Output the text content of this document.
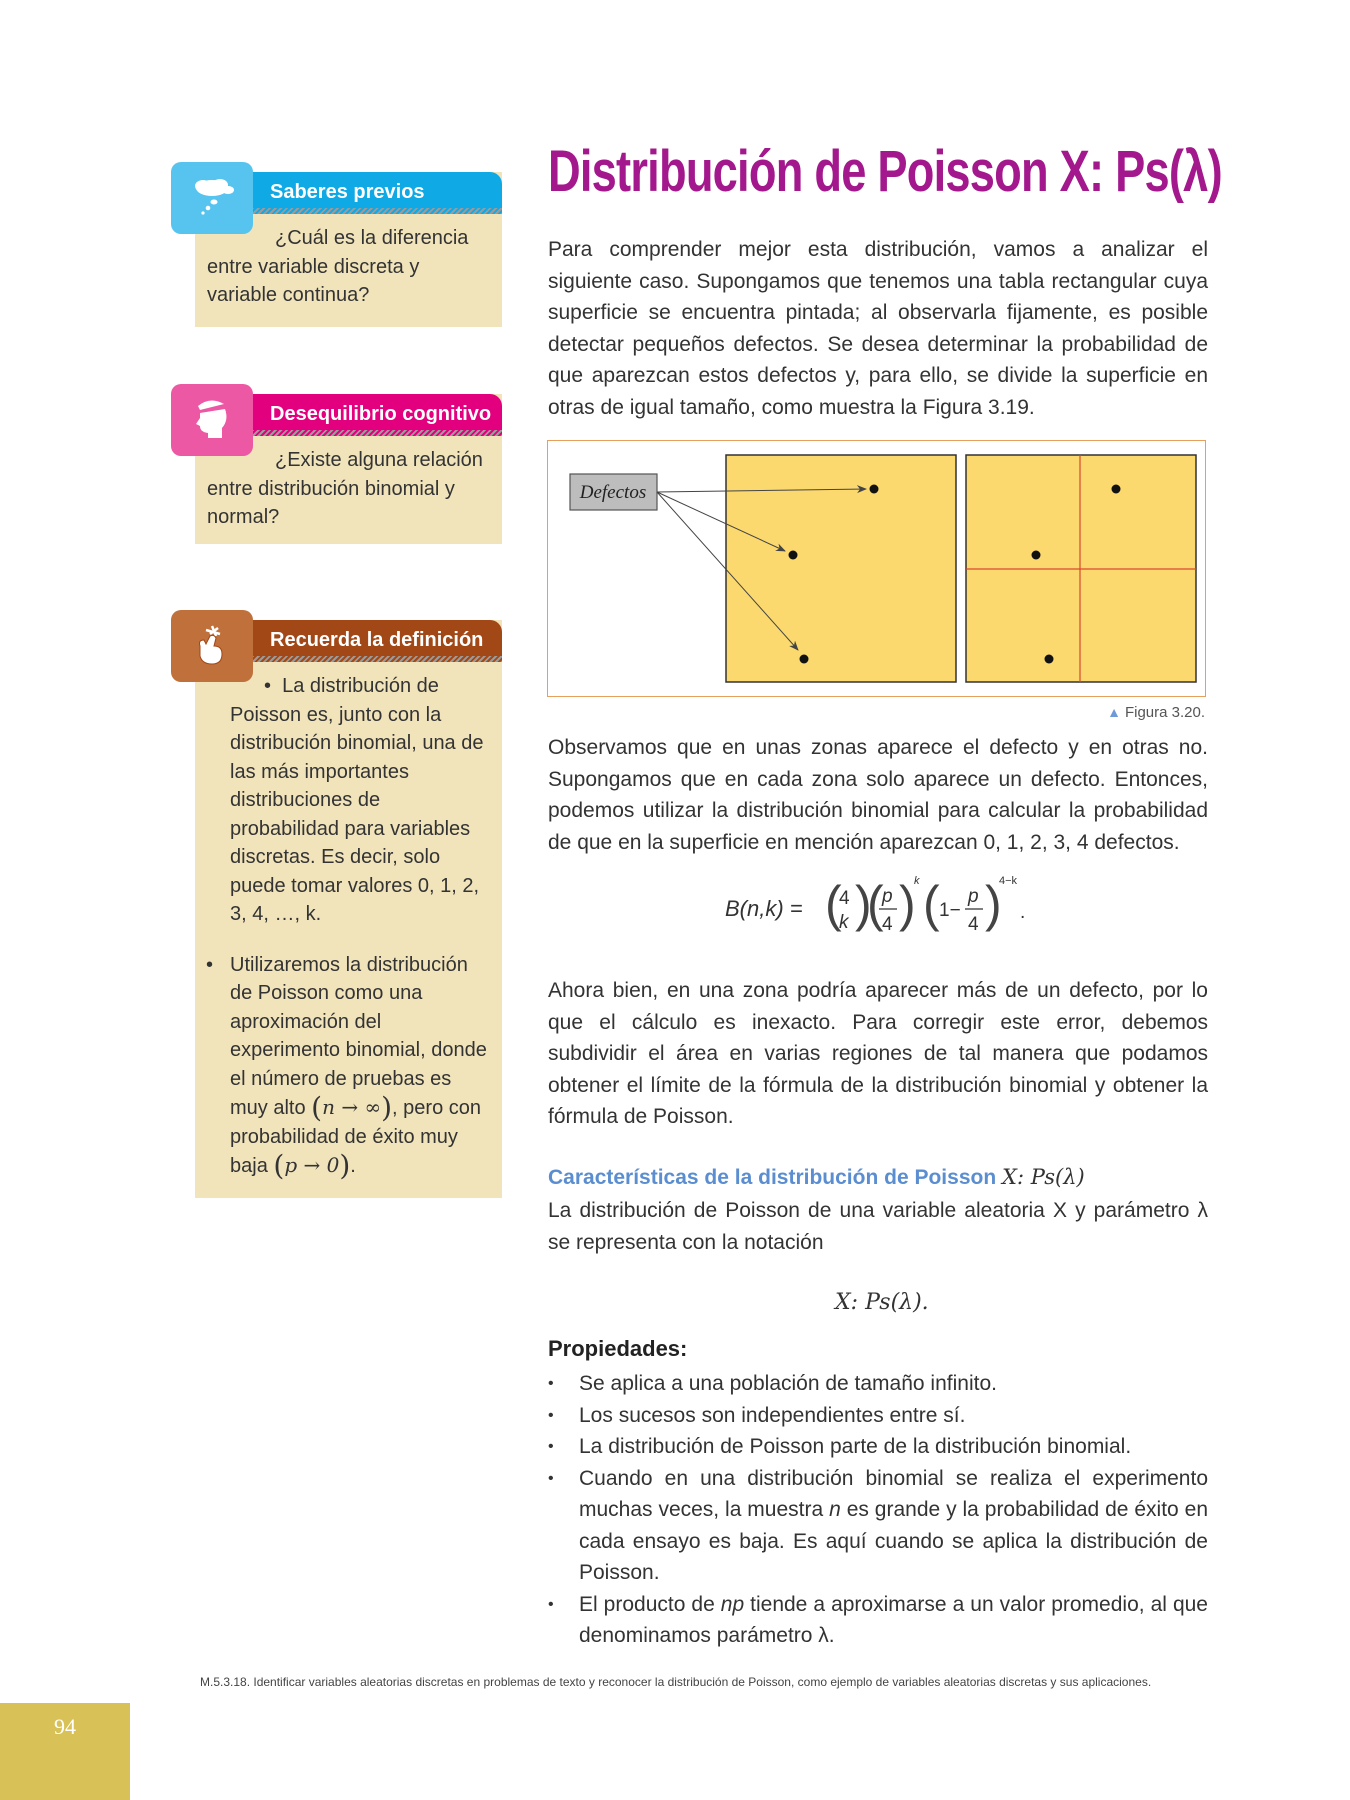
Saberes previos
¿Cuál es la diferencia entre variable discreta y variable continua?
Desequilibrio cognitivo
¿Existe alguna relación entre distribución binomial y normal?
Recuerda la definición
•  La distribución de Poisson es, junto con la distribución binomial, una de las más importantes distribuciones de probabilidad para variables discretas. Es decir, solo puede tomar valores 0, 1, 2, 3, 4, …, k.
• Utilizaremos la distribución de Poisson como una aproximación del experimento binomial, donde el número de pruebas es muy alto (n → ∞), pero con probabilidad de éxito muy baja (p → 0).
Distribución de Poisson X: Ps(λ)
Para comprender mejor esta distribución, vamos a analizar el siguiente caso. Supongamos que tenemos una tabla rectangular cuya superficie se encuentra pintada; al observarla fijamente, es posible detectar pequeños defectos. Se desea determinar la probabilidad de que aparezcan estos defectos y, para ello, se divide la superficie en otras de igual tamaño, como muestra la Figura 3.19.
Defectos
▲ Figura 3.20.
Observamos que en unas zonas aparece el defecto y en otras no. Supongamos que en cada zona solo aparece un defecto. Entonces, podemos utilizar la distribución binomial para calcular la probabilidad de que en la superficie en mención aparezcan 0, 1, 2, 3, 4 defectos.
B(n,k) = (
4
k )
(
p
4 )
k ( 1−
p
4 )
4−k
.
Ahora bien, en una zona podría aparecer más de un defecto, por lo que el cálculo es inexacto. Para corregir este error, debemos subdividir el área en varias regiones de tal manera que podamos obtener el límite de la fórmula de la distribución binomial y obtener la fórmula de Poisson.
Características de la distribución de Poisson X: Ps(λ)
La distribución de Poisson de una variable aleatoria X y parámetro λ se representa con la notación
X: Ps(λ).
Propiedades:
• Se aplica a una población de tamaño infinito.
• Los sucesos son independientes entre sí.
• La distribución de Poisson parte de la distribución binomial.
• Cuando en una distribución binomial se realiza el experimento muchas veces, la muestra n es grande y la probabilidad de éxito en cada ensayo es baja. Es aquí cuando se aplica la distribución de Poisson.
• El producto de np tiende a aproximarse a un valor promedio, al que denominamos parámetro λ.
M.5.3.18. Identificar variables aleatorias discretas en problemas de texto y reconocer la distribución de Poisson, como ejemplo de variables aleatorias discretas y sus aplicaciones.
94
